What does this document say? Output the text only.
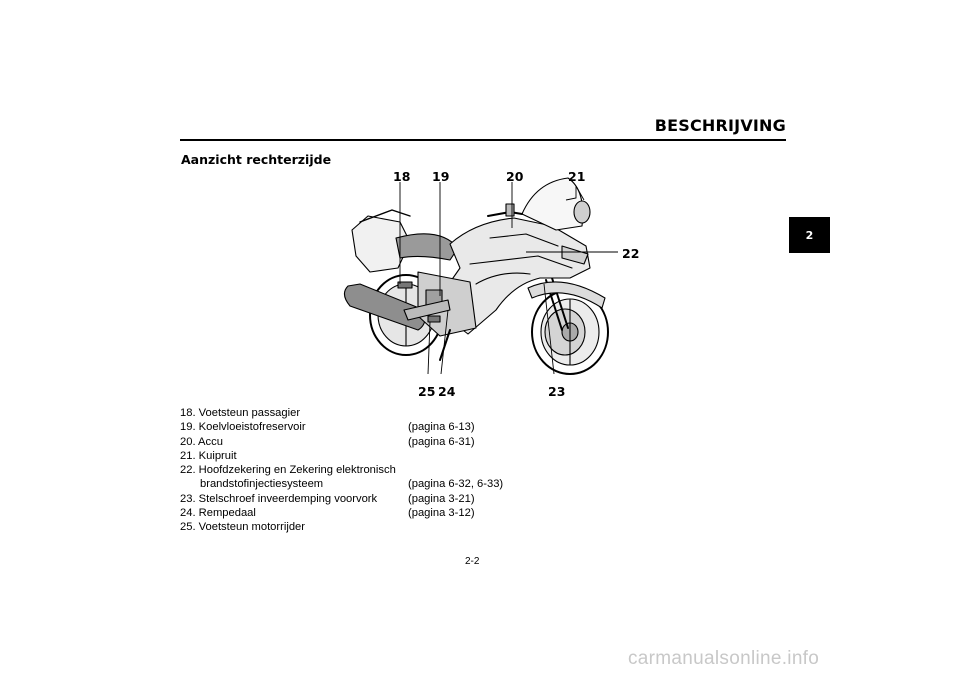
BESCHRIJVING
2
Aanzicht rechterzijde
18 19	20	21
22
23
24
25
18. Voetsteun passagier
19. Koelvloeistofreservoir	(pagina 6-13)
20. Accu	(pagina 6-31)
21. Kuipruit
22. Hoofdzekering en Zekering elektronisch
brandstofinjectiesysteem	(pagina 6-32, 6-33)
23. Stelschroef inveerdemping voorvork	(pagina 3-21)
24. Rempedaal	(pagina 3-12)
25. Voetsteun motorrijder
2-2
carmanualsonline.info
